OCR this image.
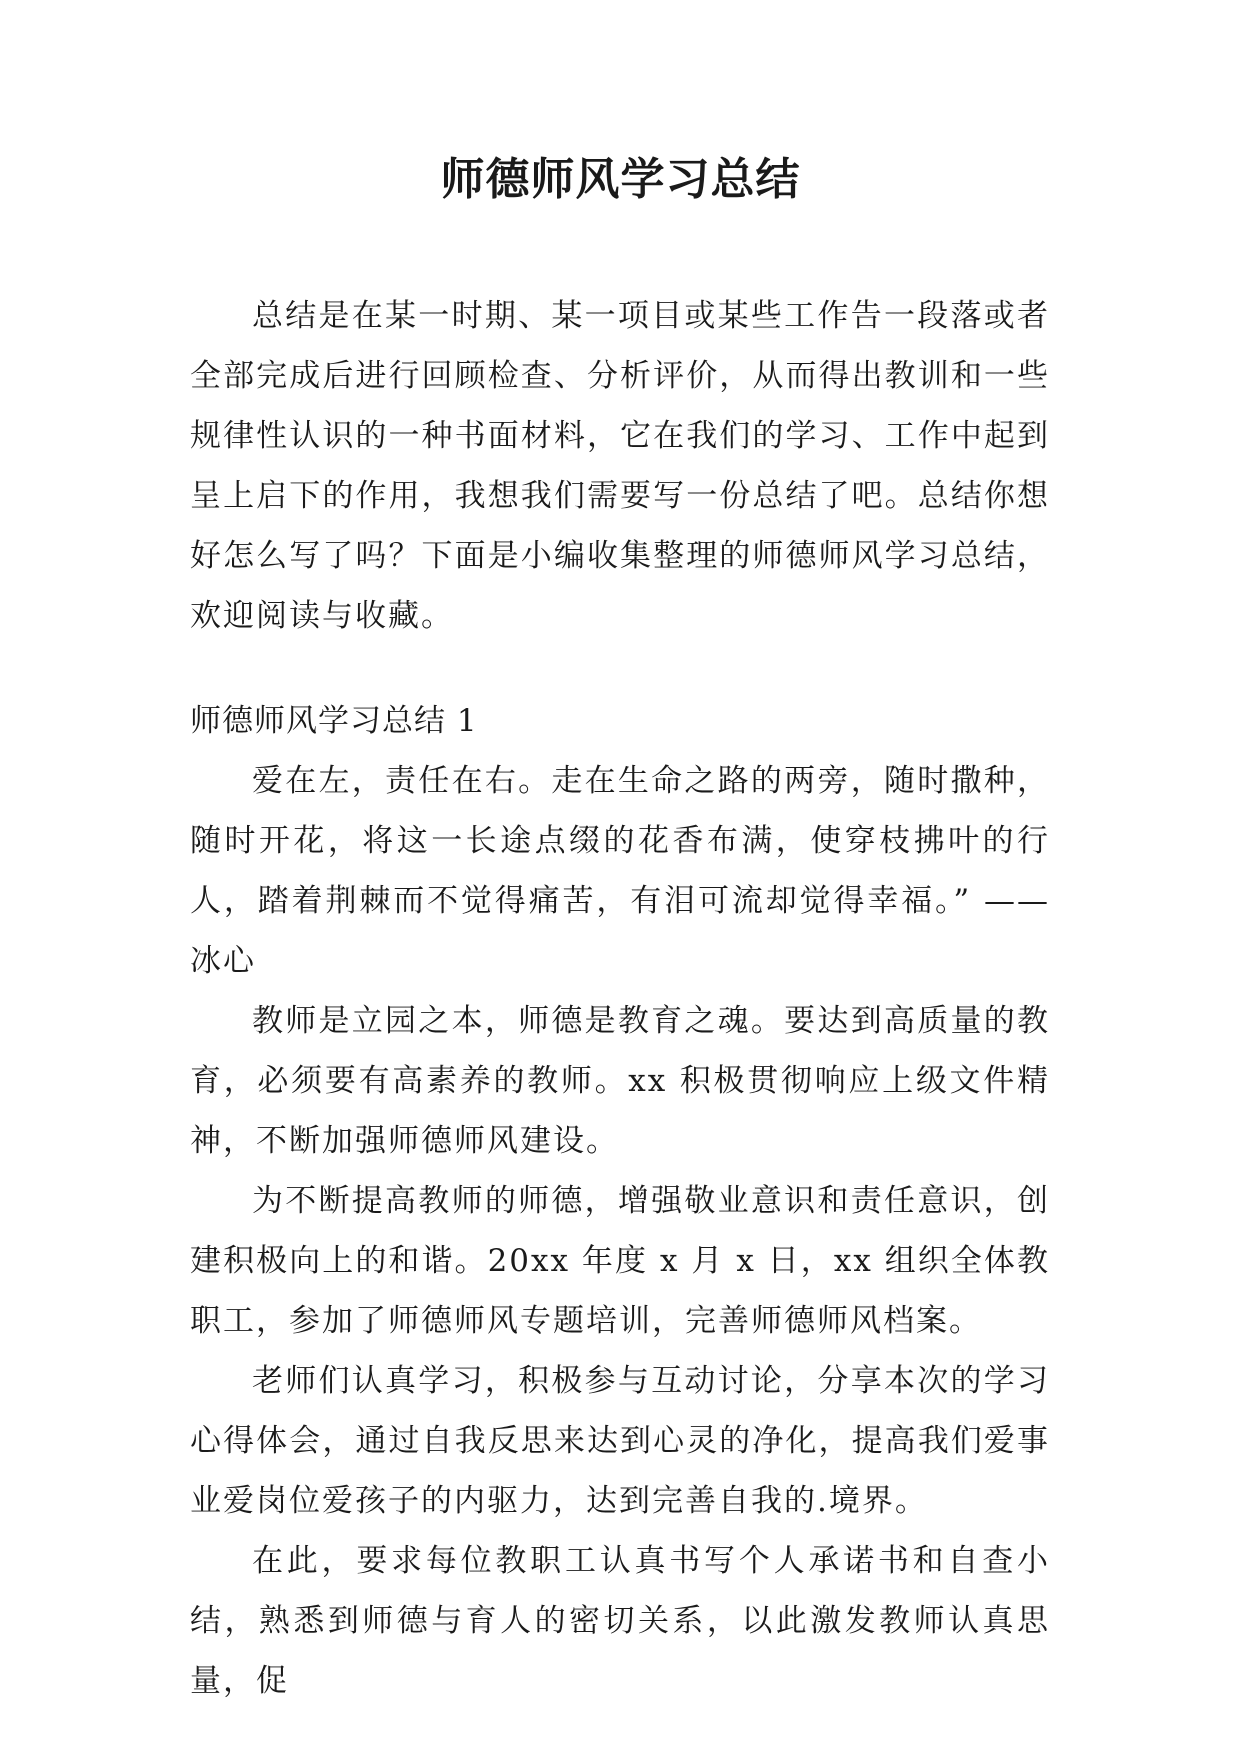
师德师风学习总结

总结是在某一时期、某一项目或某些工作告一段落或者全部完成后进行回顾检查、分析评价，从而得出教训和一些规律性认识的一种书面材料，它在我们的学习、工作中起到呈上启下的作用，我想我们需要写一份总结了吧。总结你想好怎么写了吗？下面是小编收集整理的师德师风学习总结，欢迎阅读与收藏。

师德师风学习总结 1

爱在左，责任在右。走在生命之路的两旁，随时撒种，随时开花，将这一长途点缀的花香布满，使穿枝拂叶的行人，踏着荆棘而不觉得痛苦，有泪可流却觉得幸福。” ——冰心

教师是立园之本，师德是教育之魂。要达到高质量的教育，必须要有高素养的教师。xx 积极贯彻响应上级文件精神，不断加强师德师风建设。

为不断提高教师的师德，增强敬业意识和责任意识，创建积极向上的和谐。20xx 年度 x 月 x 日，xx 组织全体教职工，参加了师德师风专题培训，完善师德师风档案。

老师们认真学习，积极参与互动讨论，分享本次的学习心得体会，通过自我反思来达到心灵的净化，提高我们爱事业爱岗位爱孩子的内驱力，达到完善自我的.境界。

在此，要求每位教职工认真书写个人承诺书和自查小结，熟悉到师德与育人的密切关系，以此激发教师认真思量，促
